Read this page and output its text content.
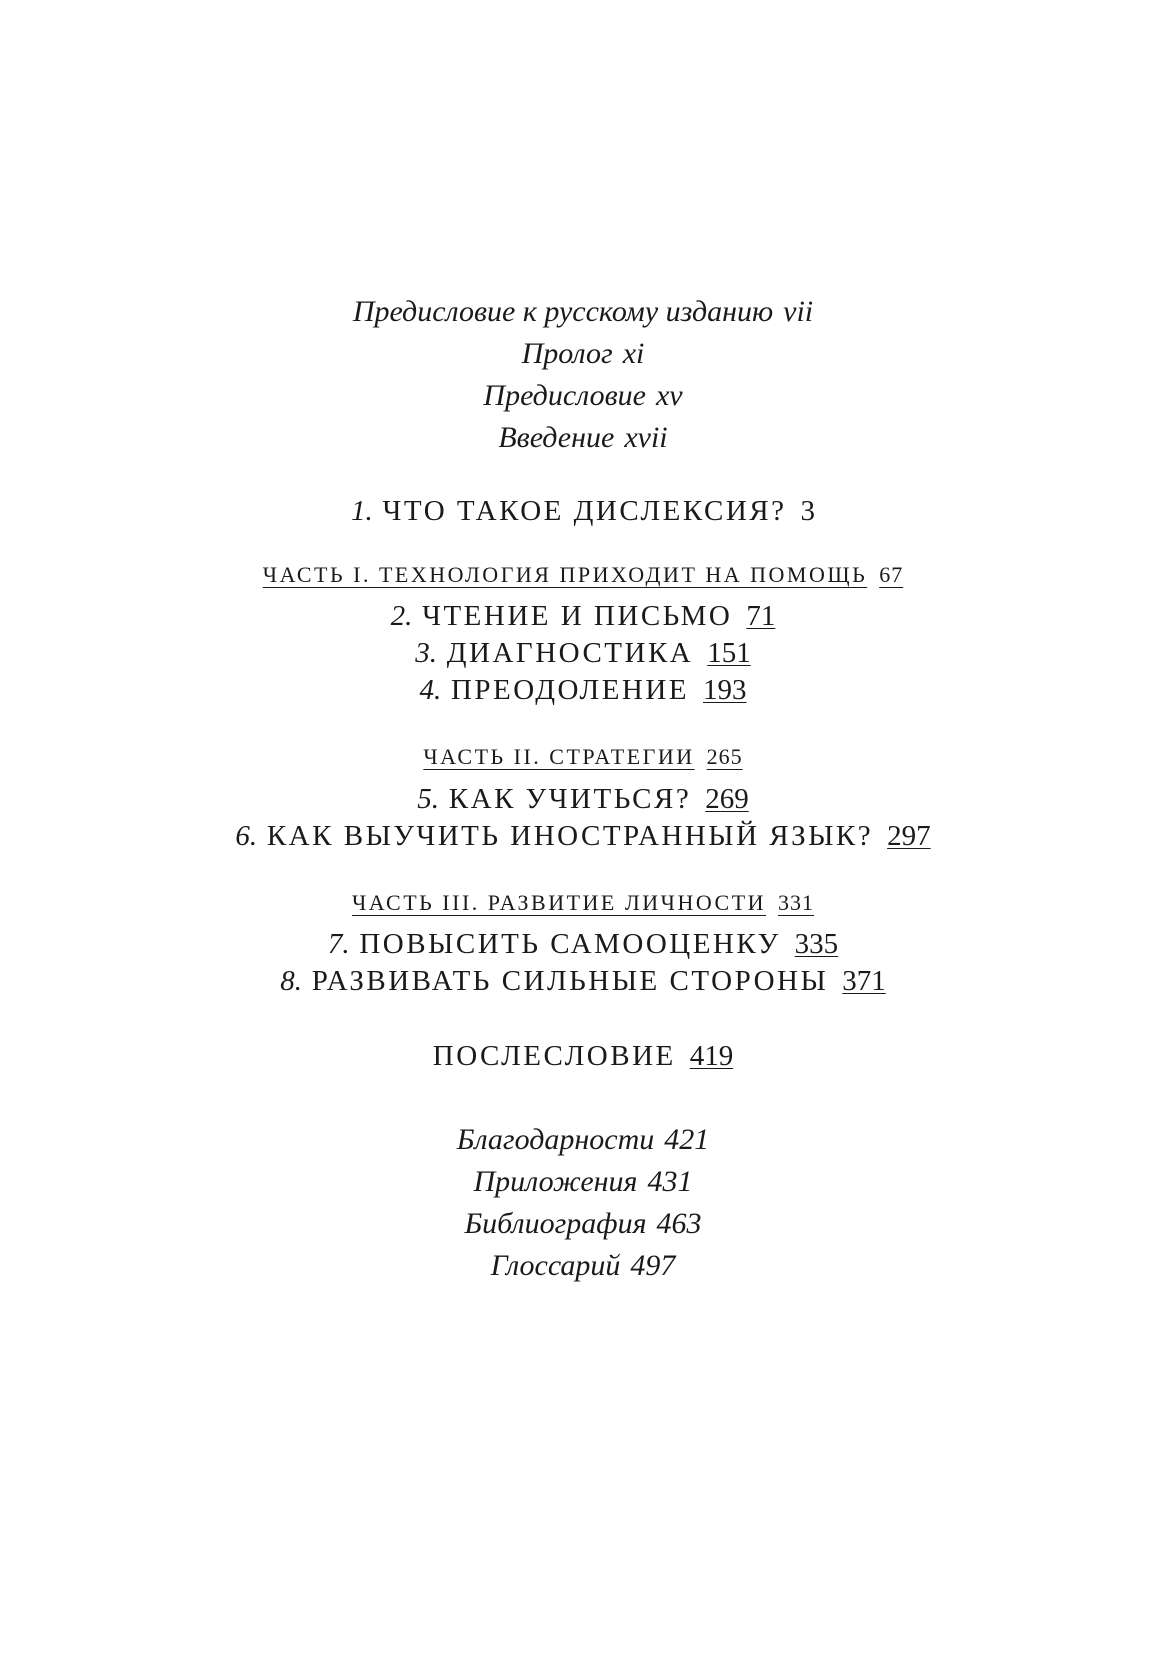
Предисловие к русскому изданию vii
Пролог xi
Предисловие xv
Введение xvii
1. ЧТО ТАКОЕ ДИСЛЕКСИЯ? 3
ЧАСТЬ I. ТЕХНОЛОГИЯ ПРИХОДИТ НА ПОМОЩЬ 67
2. ЧТЕНИЕ И ПИСЬМО 71
3. ДИАГНОСТИКА 151
4. ПРЕОДОЛЕНИЕ 193
ЧАСТЬ II. СТРАТЕГИИ 265
5. КАК УЧИТЬСЯ? 269
6. КАК ВЫУЧИТЬ ИНОСТРАННЫЙ ЯЗЫК? 297
ЧАСТЬ III. РАЗВИТИЕ ЛИЧНОСТИ 331
7. ПОВЫСИТЬ САМООЦЕНКУ 335
8. РАЗВИВАТЬ СИЛЬНЫЕ СТОРОНЫ 371
ПОСЛЕСЛОВИЕ 419
Благодарности 421
Приложения 431
Библиография 463
Глоссарий 497
